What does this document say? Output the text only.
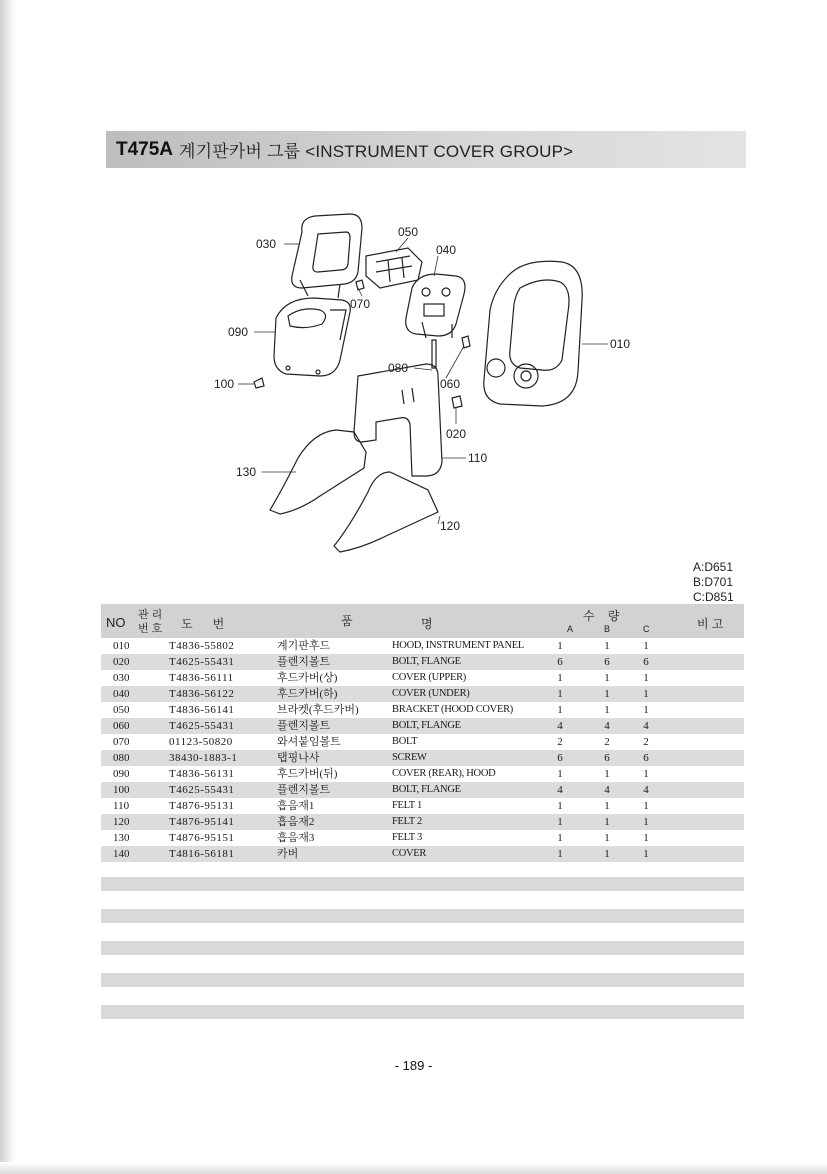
T475A 계기판카버 그룹 <INSTRUMENT COVER GROUP>
030
050
040
070
090
010
080
060
100
020
110
130
120
A:D651
B:D701
C:D851
NO 관 리
번 호 도      번	품	명
수    량
A	B	C	비 고
010	T4836-55802	계기판후드	HOOD, INSTRUMENT PANEL	1	1	1
020	T4625-55431	플렌지볼트	BOLT, FLANGE	6	6	6
030	T4836-56111	후드카버(상)	COVER (UPPER)	1	1	1
040	T4836-56122	후드카버(하)	COVER (UNDER)	1	1	1
050	T4836-56141	브라켓(후드카버)	BRACKET (HOOD COVER)	1	1	1
060	T4625-55431	플렌지볼트	BOLT, FLANGE	4	4	4
070	01123-50820	와셔붙임볼트	BOLT	2	2	2
080	38430-1883-1	탭핑나사	SCREW	6	6	6
090	T4836-56131	후드카버(뒤)	COVER (REAR), HOOD	1	1	1
100	T4625-55431	플렌지볼트	BOLT, FLANGE	4	4	4
110	T4876-95131	흡음재1	FELT 1	1	1	1
120	T4876-95141	흡음재2	FELT 2	1	1	1
130	T4876-95151	흡음재3	FELT 3	1	1	1
140	T4816-56181	카버	COVER	1	1	1
- 189 -
